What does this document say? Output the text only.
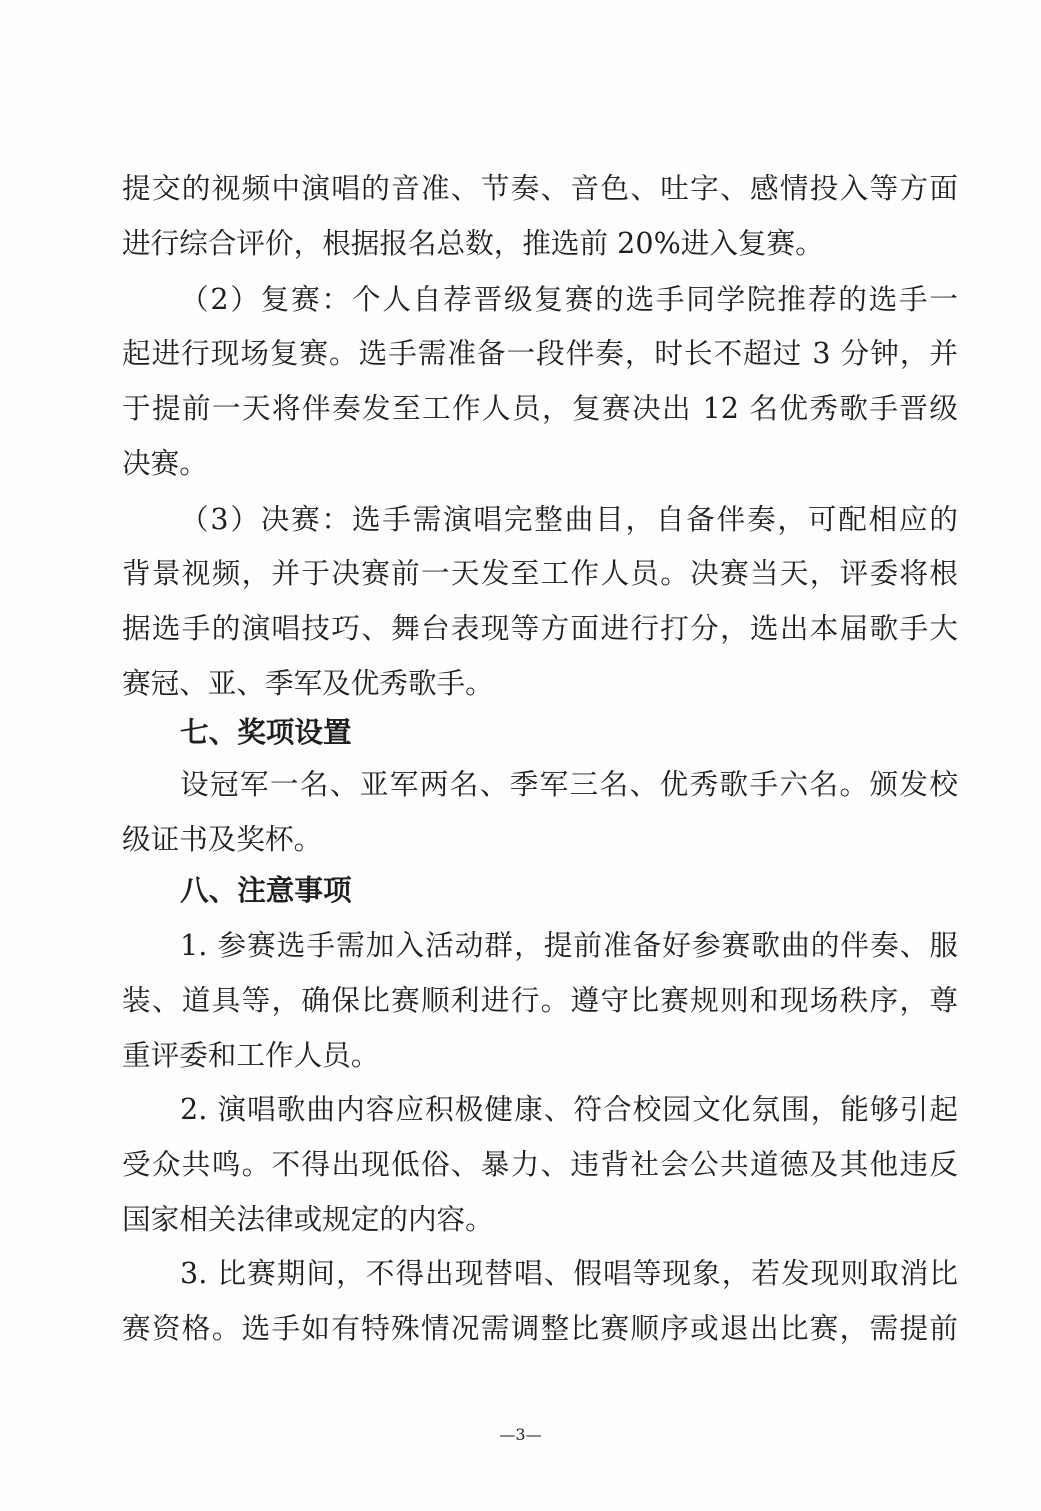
提交的视频中演唱的音准、节奏、音色、吐字、感情投入等方面
进行综合评价，根据报名总数，推选前 20%进入复赛。
（2）复赛：个人自荐晋级复赛的选手同学院推荐的选手一
起进行现场复赛。选手需准备一段伴奏，时长不超过 3 分钟，并
于提前一天将伴奏发至工作人员，复赛决出 12 名优秀歌手晋级
决赛。
（3）决赛：选手需演唱完整曲目，自备伴奏，可配相应的
背景视频，并于决赛前一天发至工作人员。决赛当天，评委将根
据选手的演唱技巧、舞台表现等方面进行打分，选出本届歌手大
赛冠、亚、季军及优秀歌手。
七、奖项设置
设冠军一名、亚军两名、季军三名、优秀歌手六名。颁发校
级证书及奖杯。
八、注意事项
1. 参赛选手需加入活动群，提前准备好参赛歌曲的伴奏、服
装、道具等，确保比赛顺利进行。遵守比赛规则和现场秩序，尊
重评委和工作人员。
2. 演唱歌曲内容应积极健康、符合校园文化氛围，能够引起
受众共鸣。不得出现低俗、暴力、违背社会公共道德及其他违反
国家相关法律或规定的内容。
3. 比赛期间，不得出现替唱、假唱等现象，若发现则取消比
赛资格。选手如有特殊情况需调整比赛顺序或退出比赛，需提前
—3—
